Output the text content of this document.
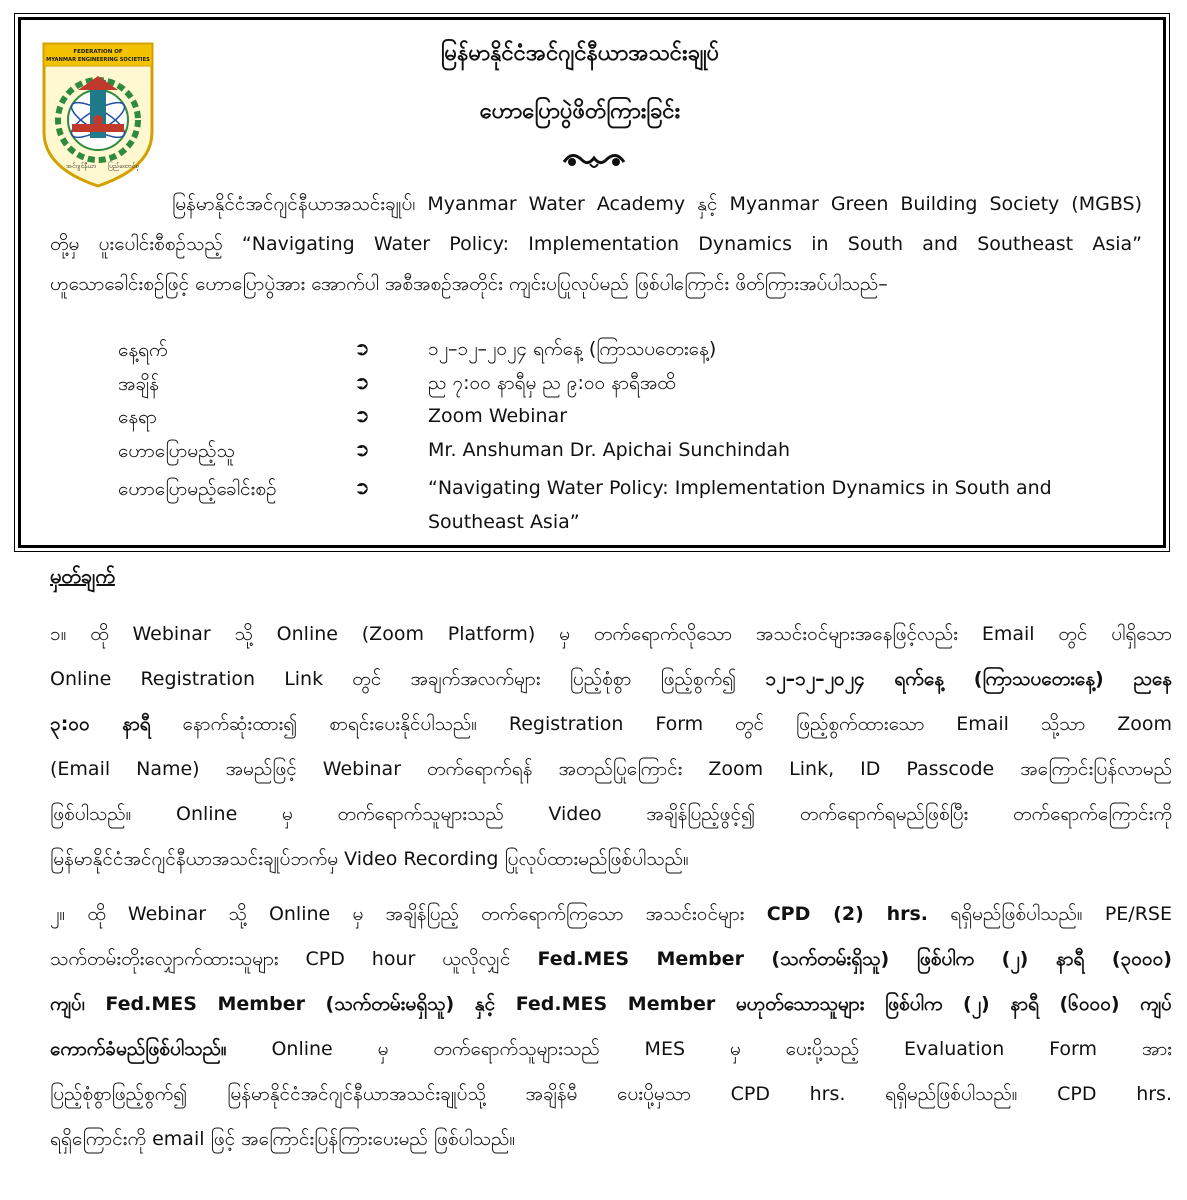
FEDERATION OF
MYANMAR ENGINEERING SOCIETIES
အင်ဂျင်နီယာ ပြည်ထောင်စု
မြန်မာနိုင်ငံအင်ဂျင်နီယာအသင်းချုပ်
ဟောပြောပွဲဖိတ်ကြားခြင်း
မြန်မာနိုင်ငံအင်ဂျင်နီယာအသင်းချုပ်၊ Myanmar Water Academy နှင့် Myanmar Green Building Society (MGBS)
တို့မှ ပူးပေါင်းစီစဉ်သည့် “Navigating Water Policy: Implementation Dynamics in South and Southeast Asia”
ဟူသောခေါင်းစဉ်ဖြင့် ဟောပြောပွဲအား အောက်ပါ အစီအစဉ်အတိုင်း ကျင်းပပြုလုပ်မည် ဖြစ်ပါကြောင်း ဖိတ်ကြားအပ်ပါသည်–
နေ့ရက်	➲	၁၂–၁၂–၂၀၂၄ ရက်နေ့ (ကြာသပတေးနေ့)
အချိန်	➲	ည ၇:၀၀ နာရီမှ ည ၉:၀၀ နာရီအထိ
နေရာ	➲	Zoom Webinar
ဟောပြောမည့်သူ	➲	Mr. Anshuman Dr. Apichai Sunchindah
ဟောပြောမည့်ခေါင်းစဉ်	➲	“Navigating Water Policy: Implementation Dynamics in South and Southeast Asia”
မှတ်ချက်
၁။ ထို Webinar သို့ Online (Zoom Platform) မှ တက်ရောက်လိုသော အသင်းဝင်များအနေဖြင့်လည်း Email တွင် ပါရှိသော
Online Registration Link တွင် အချက်အလက်များ ပြည့်စုံစွာ ဖြည့်စွက်၍ ၁၂–၁၂–၂၀၂၄ ရက်နေ့ (ကြာသပတေးနေ့) ညနေ
၃:၀၀ နာရီ နောက်ဆုံးထား၍ စာရင်းပေးနိုင်ပါသည်။ Registration Form တွင် ဖြည့်စွက်ထားသော Email သို့သာ Zoom
(Email Name) အမည်ဖြင့် Webinar တက်ရောက်ရန် အတည်ပြုကြောင်း Zoom Link, ID Passcode အကြောင်းပြန်လာမည်
ဖြစ်ပါသည်။ Online မှ တက်ရောက်သူများသည် Video အချိန်ပြည့်ဖွင့်၍ တက်ရောက်ရမည်ဖြစ်ပြီး တက်ရောက်ကြောင်းကို
မြန်မာနိုင်ငံအင်ဂျင်နီယာအသင်းချုပ်ဘက်မှ Video Recording ပြုလုပ်ထားမည်ဖြစ်ပါသည်။
၂။ ထို Webinar သို့ Online မှ အချိန်ပြည့် တက်ရောက်ကြသော အသင်းဝင်များ CPD (2) hrs. ရရှိမည်ဖြစ်ပါသည်။ PE/RSE
သက်တမ်းတိုးလျှောက်ထားသူများ CPD hour ယူလိုလျှင် Fed.MES Member (သက်တမ်းရှိသူ) ဖြစ်ပါက (၂) နာရီ (၃၀၀၀)
ကျပ်၊ Fed.MES Member (သက်တမ်းမရှိသူ) နှင့် Fed.MES Member မဟုတ်သောသူများ ဖြစ်ပါက (၂) နာရီ (၆၀၀၀) ကျပ်
ကောက်ခံမည်ဖြစ်ပါသည်။ Online မှ တက်ရောက်သူများသည် MES မှ ပေးပို့သည့် Evaluation Form အား
ပြည့်စုံစွာဖြည့်စွက်၍ မြန်မာနိုင်ငံအင်ဂျင်နီယာအသင်းချုပ်သို့ အချိန်မီ ပေးပို့မှသာ CPD hrs. ရရှိမည်ဖြစ်ပါသည်။ CPD hrs.
ရရှိကြောင်းကို email ဖြင့် အကြောင်းပြန်ကြားပေးမည် ဖြစ်ပါသည်။
